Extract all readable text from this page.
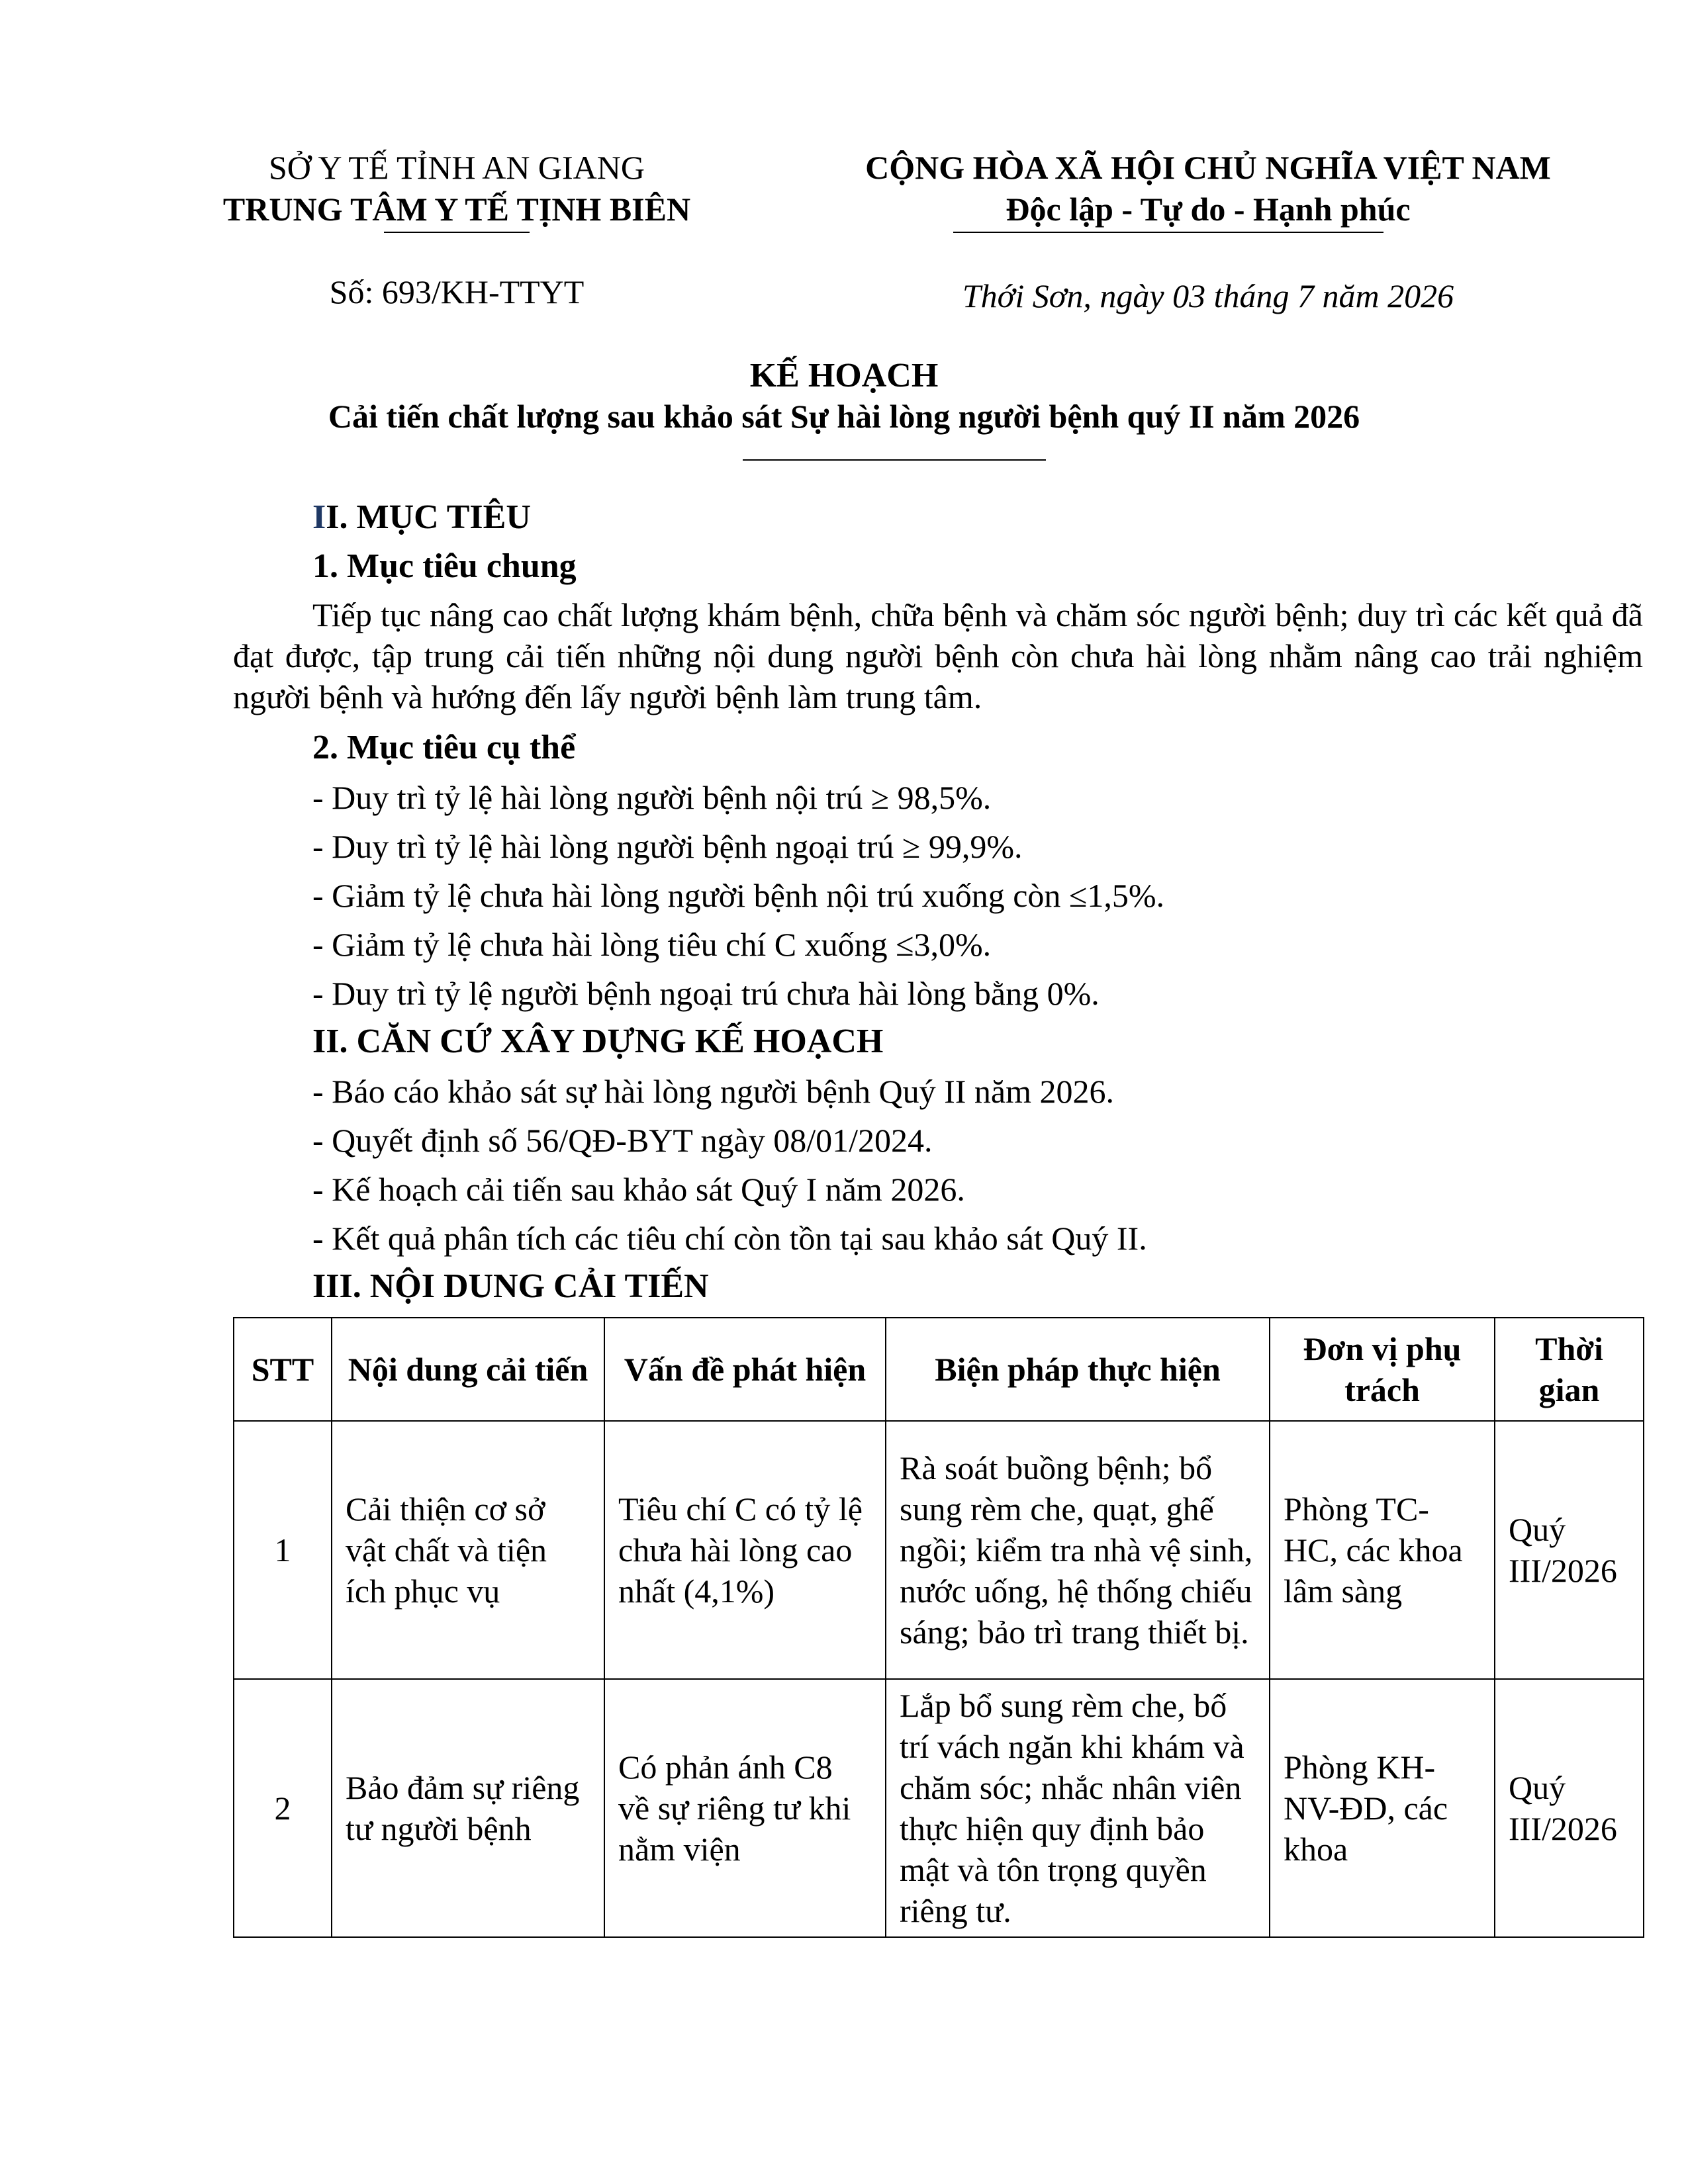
SỞ Y TẾ TỈNH AN GIANG
TRUNG TÂM Y TẾ TỊNH BIÊN
CỘNG HÒA XÃ HỘI CHỦ NGHĨA VIỆT NAM
Độc lập - Tự do - Hạnh phúc
Số: 693/KH-TTYT	Thới Sơn, ngày 03 tháng 7 năm 2026
KẾ HOẠCH
Cải tiến chất lượng sau khảo sát Sự hài lòng người bệnh quý II năm 2026
II. MỤC TIÊU
1. Mục tiêu chung
Tiếp tục nâng cao chất lượng khám bệnh, chữa bệnh và chăm sóc người bệnh; duy trì các kết quả đã đạt được, tập trung cải tiến những nội dung người bệnh còn chưa hài lòng nhằm nâng cao trải nghiệm người bệnh và hướng đến lấy người bệnh làm trung tâm.
2. Mục tiêu cụ thể
- Duy trì tỷ lệ hài lòng người bệnh nội trú ≥ 98,5%.
- Duy trì tỷ lệ hài lòng người bệnh ngoại trú ≥ 99,9%.
- Giảm tỷ lệ chưa hài lòng người bệnh nội trú xuống còn ≤1,5%.
- Giảm tỷ lệ chưa hài lòng tiêu chí C xuống ≤3,0%.
- Duy trì tỷ lệ người bệnh ngoại trú chưa hài lòng bằng 0%.
II. CĂN CỨ XÂY DỰNG KẾ HOẠCH
- Báo cáo khảo sát sự hài lòng người bệnh Quý II năm 2026.
- Quyết định số 56/QĐ-BYT ngày 08/01/2024.
- Kế hoạch cải tiến sau khảo sát Quý I năm 2026.
- Kết quả phân tích các tiêu chí còn tồn tại sau khảo sát Quý II.
III. NỘI DUNG CẢI TIẾN
STT	Nội dung cải tiến	Vấn đề phát hiện	Biện pháp thực hiện	Đơn vị phụ trách	Thời gian
1	Cải thiện cơ sở vật chất và tiện ích phục vụ	Tiêu chí C có tỷ lệ chưa hài lòng cao nhất (4,1%)	Rà soát buồng bệnh; bổ sung rèm che, quạt, ghế ngồi; kiểm tra nhà vệ sinh, nước uống, hệ thống chiếu sáng; bảo trì trang thiết bị.	Phòng TC-HC, các khoa lâm sàng	Quý III/2026
2	Bảo đảm sự riêng tư người bệnh	Có phản ánh C8 về sự riêng tư khi nằm viện	Lắp bổ sung rèm che, bố trí vách ngăn khi khám và chăm sóc; nhắc nhân viên thực hiện quy định bảo mật và tôn trọng quyền riêng tư.	Phòng KH-NV-ĐD, các khoa	Quý III/2026
